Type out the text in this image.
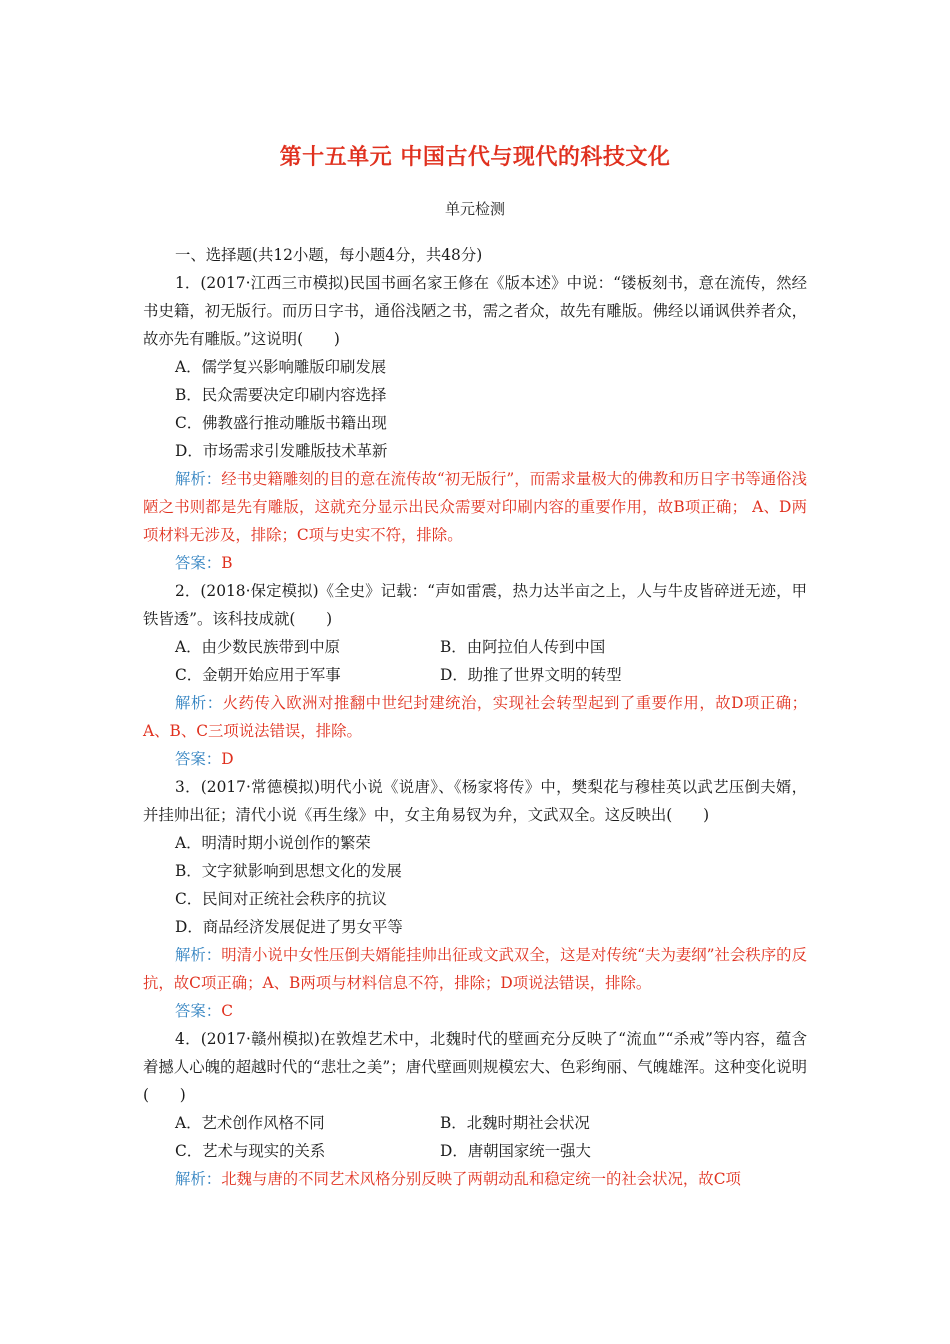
第十五单元 中国古代与现代的科技文化
单元检测

一、选择题(共12小题，每小题4分，共48分)

1．(2017·江西三市模拟)民国书画名家王修在《版本述》中说：“镂板刻书，意在流传，然经书史籍，初无版行。而历日字书，通俗浅陋之书，需之者众，故先有雕版。佛经以诵讽供养者众，故亦先有雕版。”这说明(　　)

A．儒学复兴影响雕版印刷发展

B．民众需要决定印刷内容选择

C．佛教盛行推动雕版书籍出现

D．市场需求引发雕版技术革新

解析：经书史籍雕刻的目的意在流传故“初无版行”，而需求量极大的佛教和历日字书等通俗浅陋之书则都是先有雕版，这就充分显示出民众需要对印刷内容的重要作用，故B项正确； A、D两项材料无涉及，排除；C项与史实不符，排除。

答案：B

2．(2018·保定模拟)《全史》记载：“声如雷震，热力达半亩之上，人与牛皮皆碎迸无迹，甲铁皆透”。该科技成就(　　)

A．由少数民族带到中原	B．由阿拉伯人传到中国

C．金朝开始应用于军事	D．助推了世界文明的转型

解析：火药传入欧洲对推翻中世纪封建统治，实现社会转型起到了重要作用，故D项正确；A、B、C三项说法错误，排除。

答案：D

3．(2017·常德模拟)明代小说《说唐》、《杨家将传》中，樊梨花与穆桂英以武艺压倒夫婿，并挂帅出征；清代小说《再生缘》中，女主角易钗为弁，文武双全。这反映出(　　)

A．明清时期小说创作的繁荣

B．文字狱影响到思想文化的发展

C．民间对正统社会秩序的抗议

D．商品经济发展促进了男女平等

解析：明清小说中女性压倒夫婿能挂帅出征或文武双全，这是对传统“夫为妻纲”社会秩序的反抗，故C项正确；A、B两项与材料信息不符，排除；D项说法错误，排除。

答案：C

4．(2017·赣州模拟)在敦煌艺术中，北魏时代的壁画充分反映了“流血”“杀戒”等内容，蕴含着撼人心魄的超越时代的“悲壮之美”；唐代壁画则规模宏大、色彩绚丽、气魄雄浑。这种变化说明(　　)

A．艺术创作风格不同	B．北魏时期社会状况

C．艺术与现实的关系	D．唐朝国家统一强大

解析：北魏与唐的不同艺术风格分别反映了两朝动乱和稳定统一的社会状况，故C项
